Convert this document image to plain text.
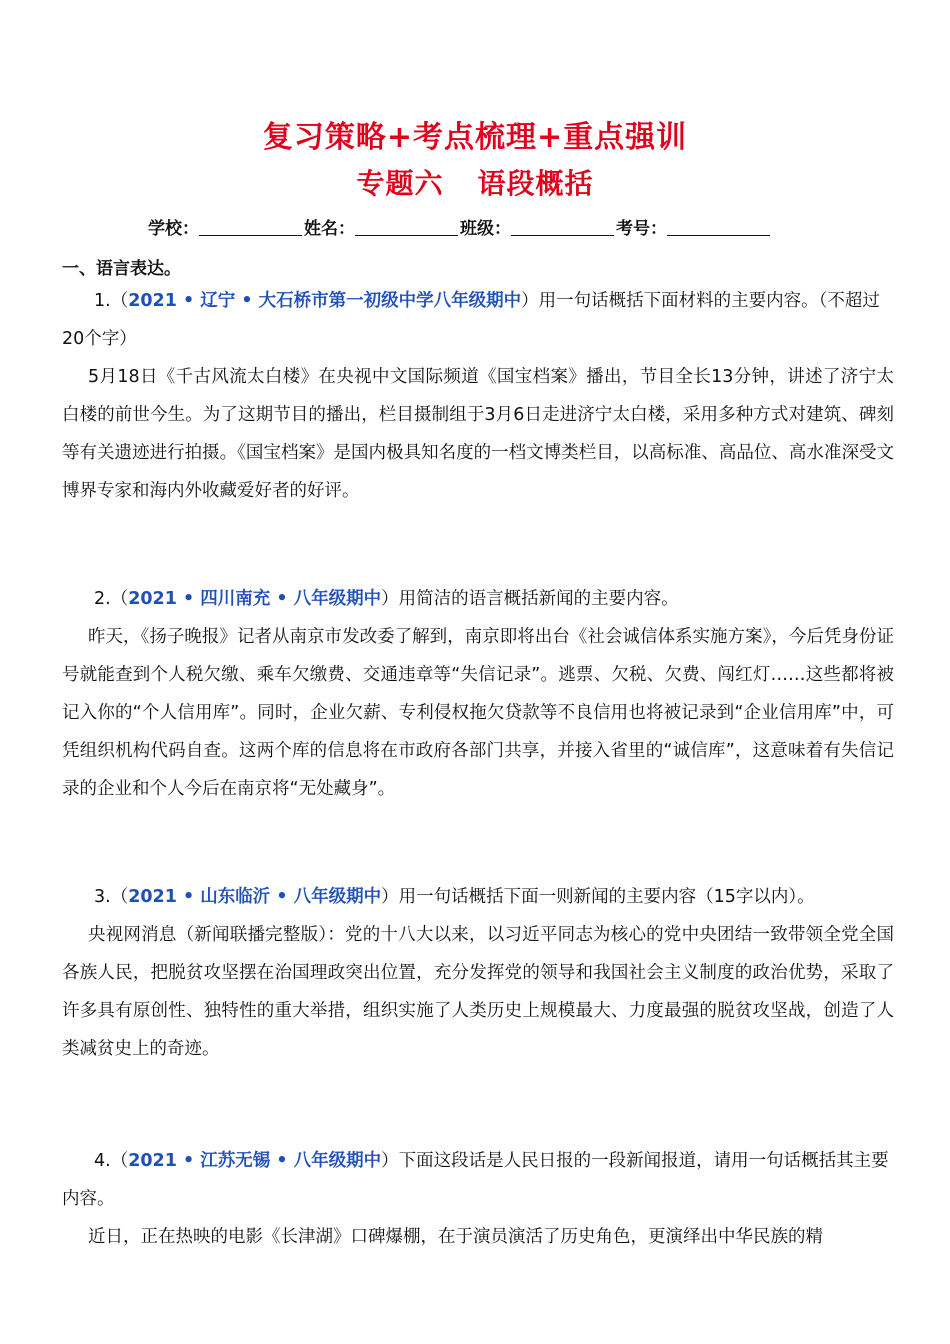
复习策略+考点梳理+重点强训
专题六 语段概括
学校：	姓名：	班级：	考号：
一、语言表达。
1.（2021 • 辽宁 • 大石桥市第一初级中学八年级期中）用一句话概括下面材料的主要内容。（不超过20个字）
5月18日《千古风流太白楼》在央视中文国际频道《国宝档案》播出，节目全长13分钟，讲述了济宁太白楼的前世今生。为了这期节目的播出，栏目摄制组于3月6日走进济宁太白楼，采用多种方式对建筑、碑刻等有关遗迹进行拍摄。《国宝档案》是国内极具知名度的一档文博类栏目，以高标准、高品位、高水准深受文博界专家和海内外收藏爱好者的好评。
2.（2021 • 四川南充 • 八年级期中）用简洁的语言概括新闻的主要内容。
昨天，《扬子晚报》记者从南京市发改委了解到，南京即将出台《社会诚信体系实施方案》，今后凭身份证号就能查到个人税欠缴、乘车欠缴费、交通违章等“失信记录”。逃票、欠税、欠费、闯红灯……这些都将被记入你的“个人信用库”。同时，企业欠薪、专利侵权拖欠贷款等不良信用也将被记录到“企业信用库”中，可凭组织机构代码自查。这两个库的信息将在市政府各部门共享，并接入省里的“诚信库”，这意味着有失信记录的企业和个人今后在南京将“无处藏身”。
3.（2021 • 山东临沂 • 八年级期中）用一句话概括下面一则新闻的主要内容（15字以内）。
央视网消息（新闻联播完整版）：党的十八大以来，以习近平同志为核心的党中央团结一致带领全党全国各族人民，把脱贫攻坚摆在治国理政突出位置，充分发挥党的领导和我国社会主义制度的政治优势，采取了许多具有原创性、独特性的重大举措，组织实施了人类历史上规模最大、力度最强的脱贫攻坚战，创造了人类减贫史上的奇迹。
4.（2021 • 江苏无锡 • 八年级期中）下面这段话是人民日报的一段新闻报道，请用一句话概括其主要内容。
近日，正在热映的电影《长津湖》口碑爆棚，在于演员演活了历史角色，更演绎出中华民族的精
